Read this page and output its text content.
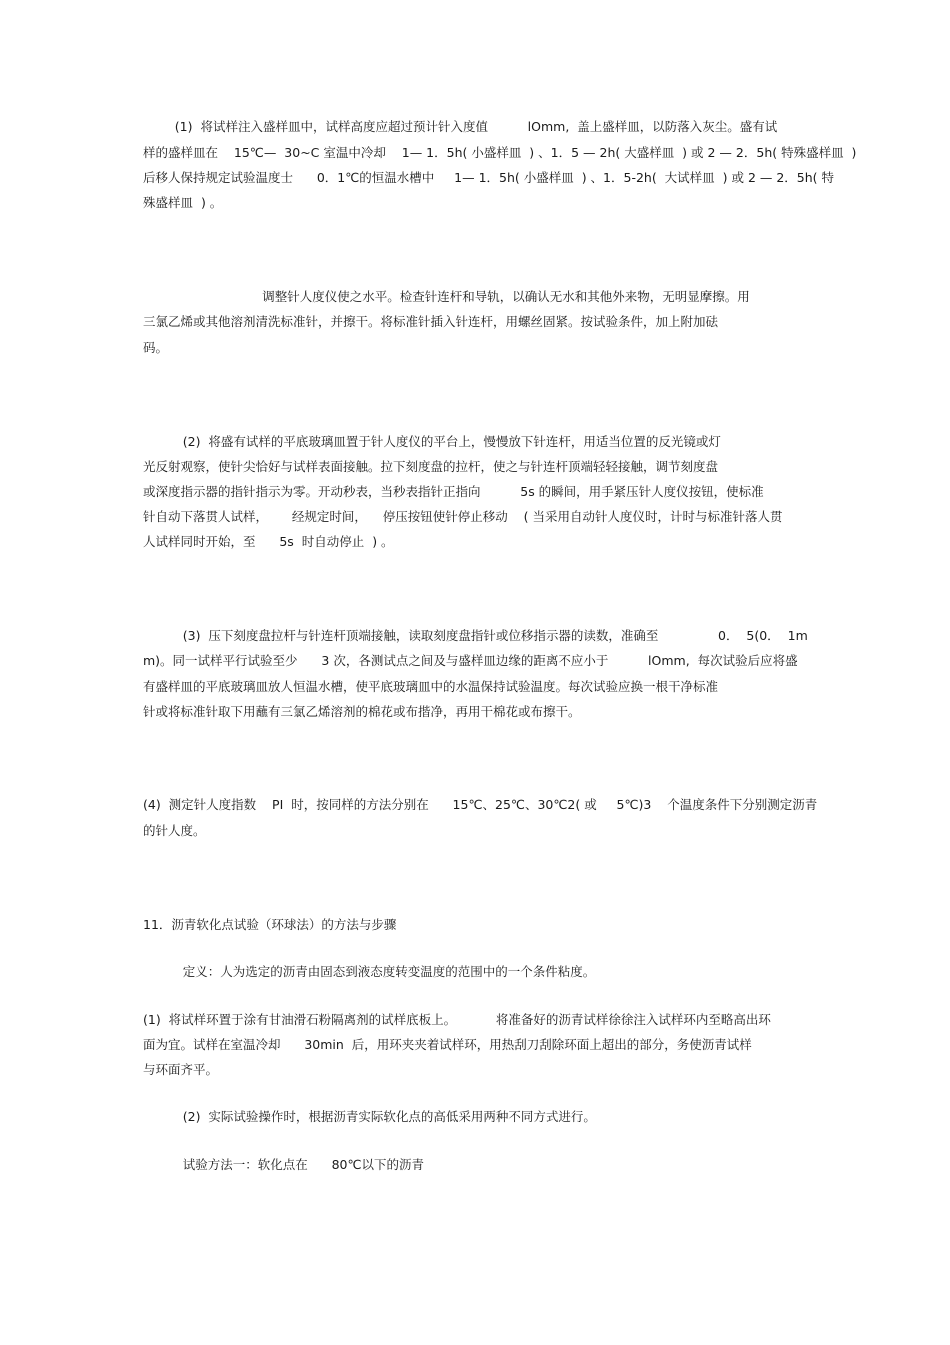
(1)  将试样注入盛样皿中，试样高度应超过预计针入度值          lOmm,  盖上盛样皿，以防落入灰尘。盛有试
样的盛样皿在    15℃—  30~C 室温中冷却    1— 1．5h( 小盛样皿  ) 、1．5 — 2h( 大盛样皿  ) 或 2 — 2．5h( 特殊盛样皿  )
后移人保持规定试验温度士      0．1℃的恒温水槽中     1— 1．5h( 小盛样皿  ) 、1．5-2h(  大试样皿  ) 或 2 — 2．5h( 特
殊盛样皿  ) 。
调整针人度仪使之水平。检查针连杆和导轨，以确认无水和其他外来物，无明显摩擦。用
三氯乙烯或其他溶剂清洗标准针，并擦干。将标准针插入针连杆，用螺丝固紧。按试验条件，加上附加砝
码。
(2)  将盛有试样的平底玻璃皿置于针人度仪的平台上，慢慢放下针连杆，用适当位置的反光镜或灯
光反射观察，使针尖恰好与试样表面接触。拉下刻度盘的拉杆，使之与针连杆顶端轻轻接触，调节刻度盘
或深度指示器的指针指示为零。开动秒表，当秒表指针正指向          5s 的瞬间，用手紧压针人度仪按钮，使标准
针自动下落贯人试样，      经规定时间，    停压按钮使针停止移动    ( 当采用自动针人度仪时，计时与标准针落人贯
人试样同时开始，至      5s  时自动停止  ) 。
(3)  压下刻度盘拉杆与针连杆顶端接触，读取刻度盘指针或位移指示器的读数，准确至               0．  5(0．  1m
m)。同一试样平行试验至少      3 次，各测试点之间及与盛样皿边缘的距离不应小于          lOmm,  每次试验后应将盛
有盛样皿的平底玻璃皿放人恒温水槽，使平底玻璃皿中的水温保持试验温度。每次试验应换一根干净标准
针或将标准针取下用蘸有三氯乙烯溶剂的棉花或布揩净，再用干棉花或布擦干。
(4)  测定针人度指数    PI  时，按同样的方法分别在      15℃、25℃、30℃2( 或     5℃)3    个温度条件下分别测定沥青
的针人度。
11．沥青软化点试验（环球法）的方法与步骤
定义：人为选定的沥青由固态到液态度转变温度的范围中的一个条件粘度。
(1)  将试样环置于涂有甘油滑石粉隔离剂的试样底板上。          将准备好的沥青试样徐徐注入试样环内至略高出环
面为宜。试样在室温冷却      30min  后，用环夹夹着试样环，用热刮刀刮除环面上超出的部分，务使沥青试样
与环面齐平。
(2)  实际试验操作时，根据沥青实际软化点的高低采用两种不同方式进行。
试验方法一：软化点在      80℃以下的沥青
